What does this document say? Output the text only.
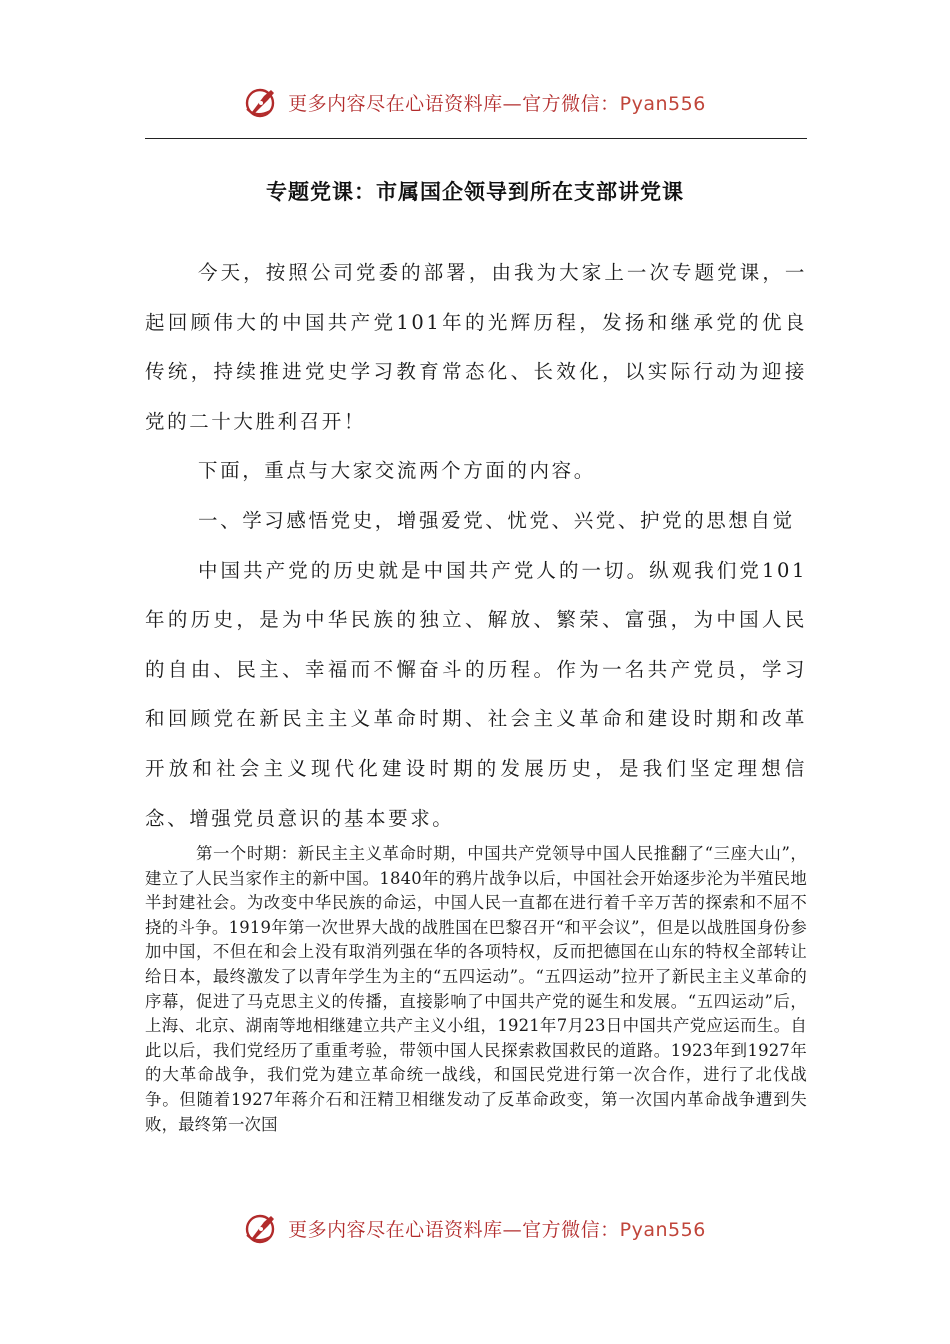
更多内容尽在心语资料库—官方微信：Pyan556
专题党课：市属国企领导到所在支部讲党课

今天，按照公司党委的部署，由我为大家上一次专题党课，一起回顾伟大的中国共产党101年的光辉历程，发扬和继承党的优良传统，持续推进党史学习教育常态化、长效化，以实际行动为迎接党的二十大胜利召开！

下面，重点与大家交流两个方面的内容。

一、学习感悟党史，增强爱党、忧党、兴党、护党的思想自觉

中国共产党的历史就是中国共产党人的一切。纵观我们党101年的历史，是为中华民族的独立、解放、繁荣、富强，为中国人民的自由、民主、幸福而不懈奋斗的历程。作为一名共产党员，学习和回顾党在新民主主义革命时期、社会主义革命和建设时期和改革开放和社会主义现代化建设时期的发展历史，是我们坚定理想信念、增强党员意识的基本要求。

第一个时期：新民主主义革命时期，中国共产党领导中国人民推翻了“三座大山”，建立了人民当家作主的新中国。1840年的鸦片战争以后，中国社会开始逐步沦为半殖民地半封建社会。为改变中华民族的命运，中国人民一直都在进行着千辛万苦的探索和不屈不挠的斗争。1919年第一次世界大战的战胜国在巴黎召开“和平会议”，但是以战胜国身份参加中国，不但在和会上没有取消列强在华的各项特权，反而把德国在山东的特权全部转让给日本，最终激发了以青年学生为主的“五四运动”。“五四运动”拉开了新民主主义革命的序幕，促进了马克思主义的传播，直接影响了中国共产党的诞生和发展。“五四运动”后，上海、北京、湖南等地相继建立共产主义小组，1921年7月23日中国共产党应运而生。自此以后，我们党经历了重重考验，带领中国人民探索救国救民的道路。1923年到1927年的大革命战争，我们党为建立革命统一战线，和国民党进行第一次合作，进行了北伐战争。但随着1927年蒋介石和汪精卫相继发动了反革命政变，第一次国内革命战争遭到失败，最终第一次国

更多内容尽在心语资料库—官方微信：Pyan556
